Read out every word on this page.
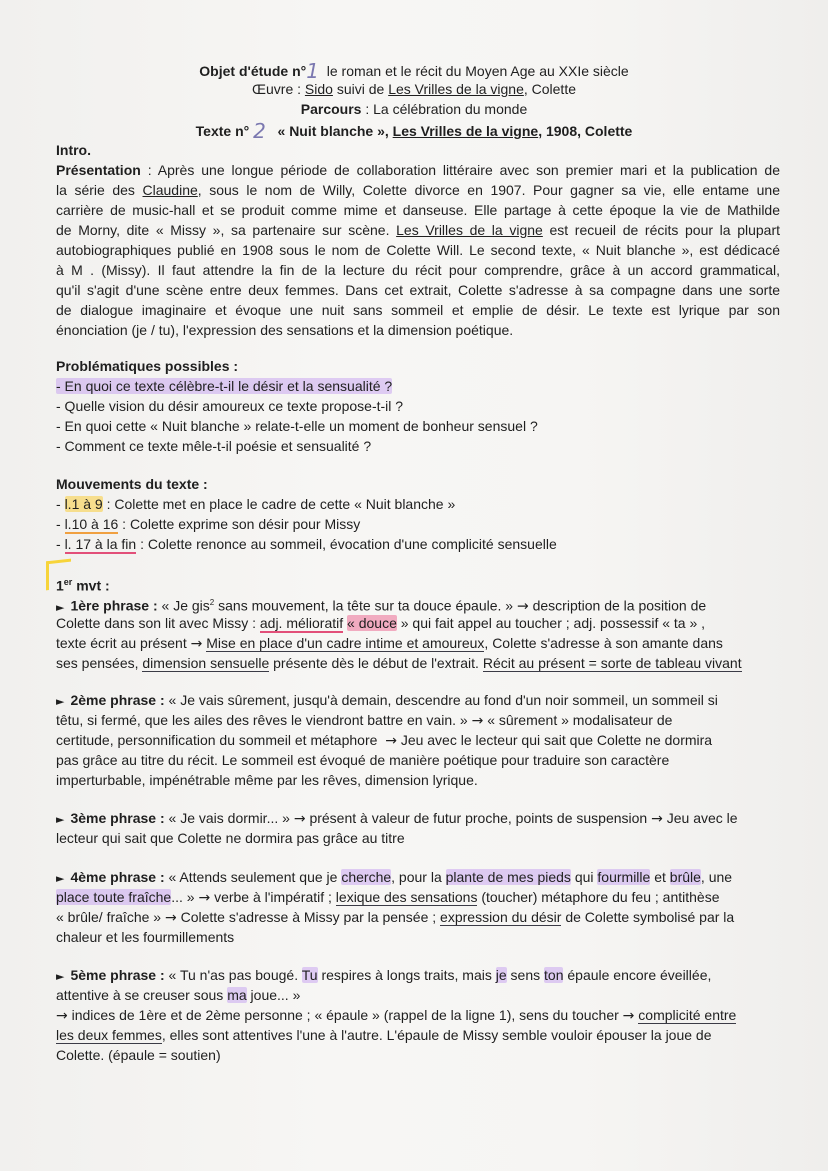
Objet d'étude n°1 le roman et le récit du Moyen Age au XXIe siècle
Œuvre : Sido suivi de Les Vrilles de la vigne, Colette
Parcours : La célébration du monde
Texte n° 2 « Nuit blanche », Les Vrilles de la vigne, 1908, Colette
Intro.
Présentation : Après une longue période de collaboration littéraire avec son premier mari et la publication de
la série des Claudine, sous le nom de Willy, Colette divorce en 1907. Pour gagner sa vie, elle entame une
carrière de music-hall et se produit comme mime et danseuse. Elle partage à cette époque la vie de Mathilde
de Morny, dite « Missy », sa partenaire sur scène. Les Vrilles de la vigne est recueil de récits pour la plupart
autobiographiques publié en 1908 sous le nom de Colette Will. Le second texte, « Nuit blanche », est dédicacé
à M . (Missy). Il faut attendre la fin de la lecture du récit pour comprendre, grâce à un accord grammatical,
qu'il s'agit d'une scène entre deux femmes. Dans cet extrait, Colette s'adresse à sa compagne dans une sorte
de dialogue imaginaire et évoque une nuit sans sommeil et emplie de désir. Le texte est lyrique par son
énonciation (je / tu), l'expression des sensations et la dimension poétique.
Problématiques possibles :
- En quoi ce texte célèbre-t-il le désir et la sensualité ?
- Quelle vision du désir amoureux ce texte propose-t-il ?
- En quoi cette « Nuit blanche » relate-t-elle un moment de bonheur sensuel ?
- Comment ce texte mêle-t-il poésie et sensualité ?
Mouvements du texte :
- l.1 à 9 : Colette met en place le cadre de cette « Nuit blanche »
- l.10 à 16 : Colette exprime son désir pour Missy
- l. 17 à la fin : Colette renonce au sommeil, évocation d'une complicité sensuelle
1er mvt :
► 1ère phrase : « Je gis$^2$ sans mouvement, la tête sur ta douce épaule. » → description de la position de
Colette dans son lit avec Missy : adj. mélioratif « douce » qui fait appel au toucher ; adj. possessif « ta » ,
texte écrit au présent → Mise en place d'un cadre intime et amoureux, Colette s'adresse à son amante dans
ses pensées, dimension sensuelle présente dès le début de l'extrait. Récit au présent = sorte de tableau vivant
► 2ème phrase : « Je vais sûrement, jusqu'à demain, descendre au fond d'un noir sommeil, un sommeil si
têtu, si fermé, que les ailes des rêves le viendront battre en vain. » → « sûrement » modalisateur de
certitude, personnification du sommeil et métaphore → Jeu avec le lecteur qui sait que Colette ne dormira
pas grâce au titre du récit. Le sommeil est évoqué de manière poétique pour traduire son caractère
imperturbable, impénétrable même par les rêves, dimension lyrique.
► 3ème phrase : « Je vais dormir... » → présent à valeur de futur proche, points de suspension → Jeu avec le
lecteur qui sait que Colette ne dormira pas grâce au titre
► 4ème phrase : « Attends seulement que je cherche, pour la plante de mes pieds qui fourmille et brûle, une
place toute fraîche... » → verbe à l'impératif ; lexique des sensations (toucher) métaphore du feu ; antithèse
« brûle/ fraîche » → Colette s'adresse à Missy par la pensée ; expression du désir de Colette symbolisé par la
chaleur et les fourmillements
► 5ème phrase : « Tu n'as pas bougé. Tu respires à longs traits, mais je sens ton épaule encore éveillée,
attentive à se creuser sous ma joue... »
→ indices de 1ère et de 2ème personne ; « épaule » (rappel de la ligne 1), sens du toucher → complicité entre
les deux femmes, elles sont attentives l'une à l'autre. L'épaule de Missy semble vouloir épouser la joue de
Colette. (épaule = soutien)
